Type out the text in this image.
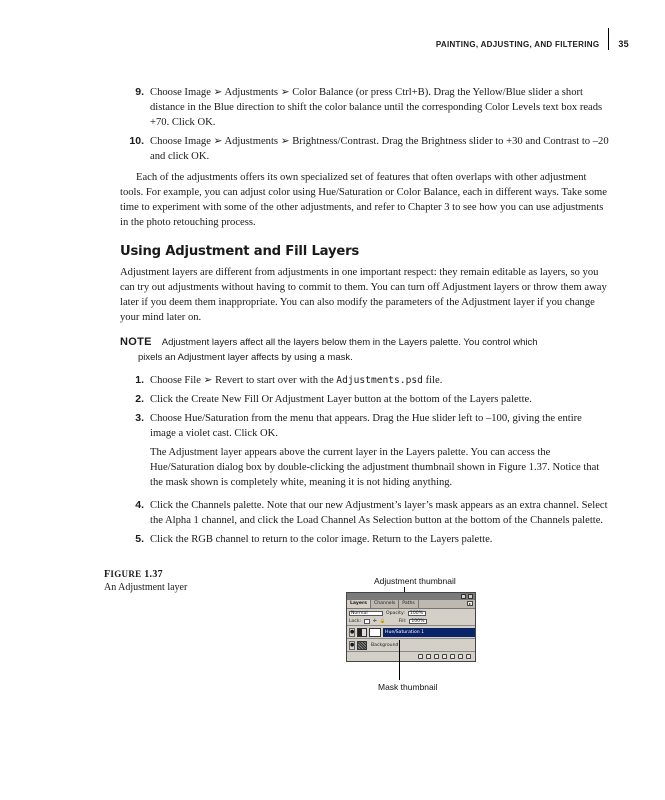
PAINTING, ADJUSTING, AND FILTERING 35
9. Choose Image ➢ Adjustments ➢ Color Balance (or press Ctrl+B). Drag the Yellow/Blue slider a short distance in the Blue direction to shift the color balance until the corresponding Color Levels text box reads +70. Click OK.
10. Choose Image ➢ Adjustments ➢ Brightness/Contrast. Drag the Brightness slider to +30 and Contrast to –20 and click OK.

Each of the adjustments offers its own specialized set of features that often overlaps with other adjustment tools. For example, you can adjust color using Hue/Saturation or Color Balance, each in different ways. Take some time to experiment with some of the other adjustments, and refer to Chapter 3 to see how you can use adjustments in the photo retouching process.

Using Adjustment and Fill Layers

Adjustment layers are different from adjustments in one important respect: they remain editable as layers, so you can try out adjustments without having to commit to them. You can turn off Adjustment layers or throw them away later if you deem them inappropriate. You can also modify the parameters of the Adjustment layer if you change your mind later on.

NOTE Adjustment layers affect all the layers below them in the Layers palette. You control which
pixels an Adjustment layer affects by using a mask.
1. Choose File ➢ Revert to start over with the Adjustments.psd file.
2. Click the Create New Fill Or Adjustment Layer button at the bottom of the Layers palette.
3. Choose Hue/Saturation from the menu that appears. Drag the Hue slider left to –100, giving the entire image a violet cast. Click OK.
The Adjustment layer appears above the current layer in the Layers palette. You can access the Hue/Saturation dialog box by double-clicking the adjustment thumbnail shown in Figure 1.37. Notice that the mask shown is completely white, meaning it is not hiding anything.
4. Click the Channels palette. Note that our new Adjustment’s layer’s mask appears as an extra channel. Select the Alpha 1 channel, and click the Load Channel As Selection button at the bottom of the Channels palette.
5. Click the RGB channel to return to the color image. Return to the Layers palette.
FIGURE 1.37
An Adjustment layer
Adjustment thumbnail
Layers	Channels	Paths	▸
Normal	Opacity:	100%
Lock:	✛ 🔒	Fill:	100%
●	Hue/Saturation 1
●	Background
Mask thumbnail
